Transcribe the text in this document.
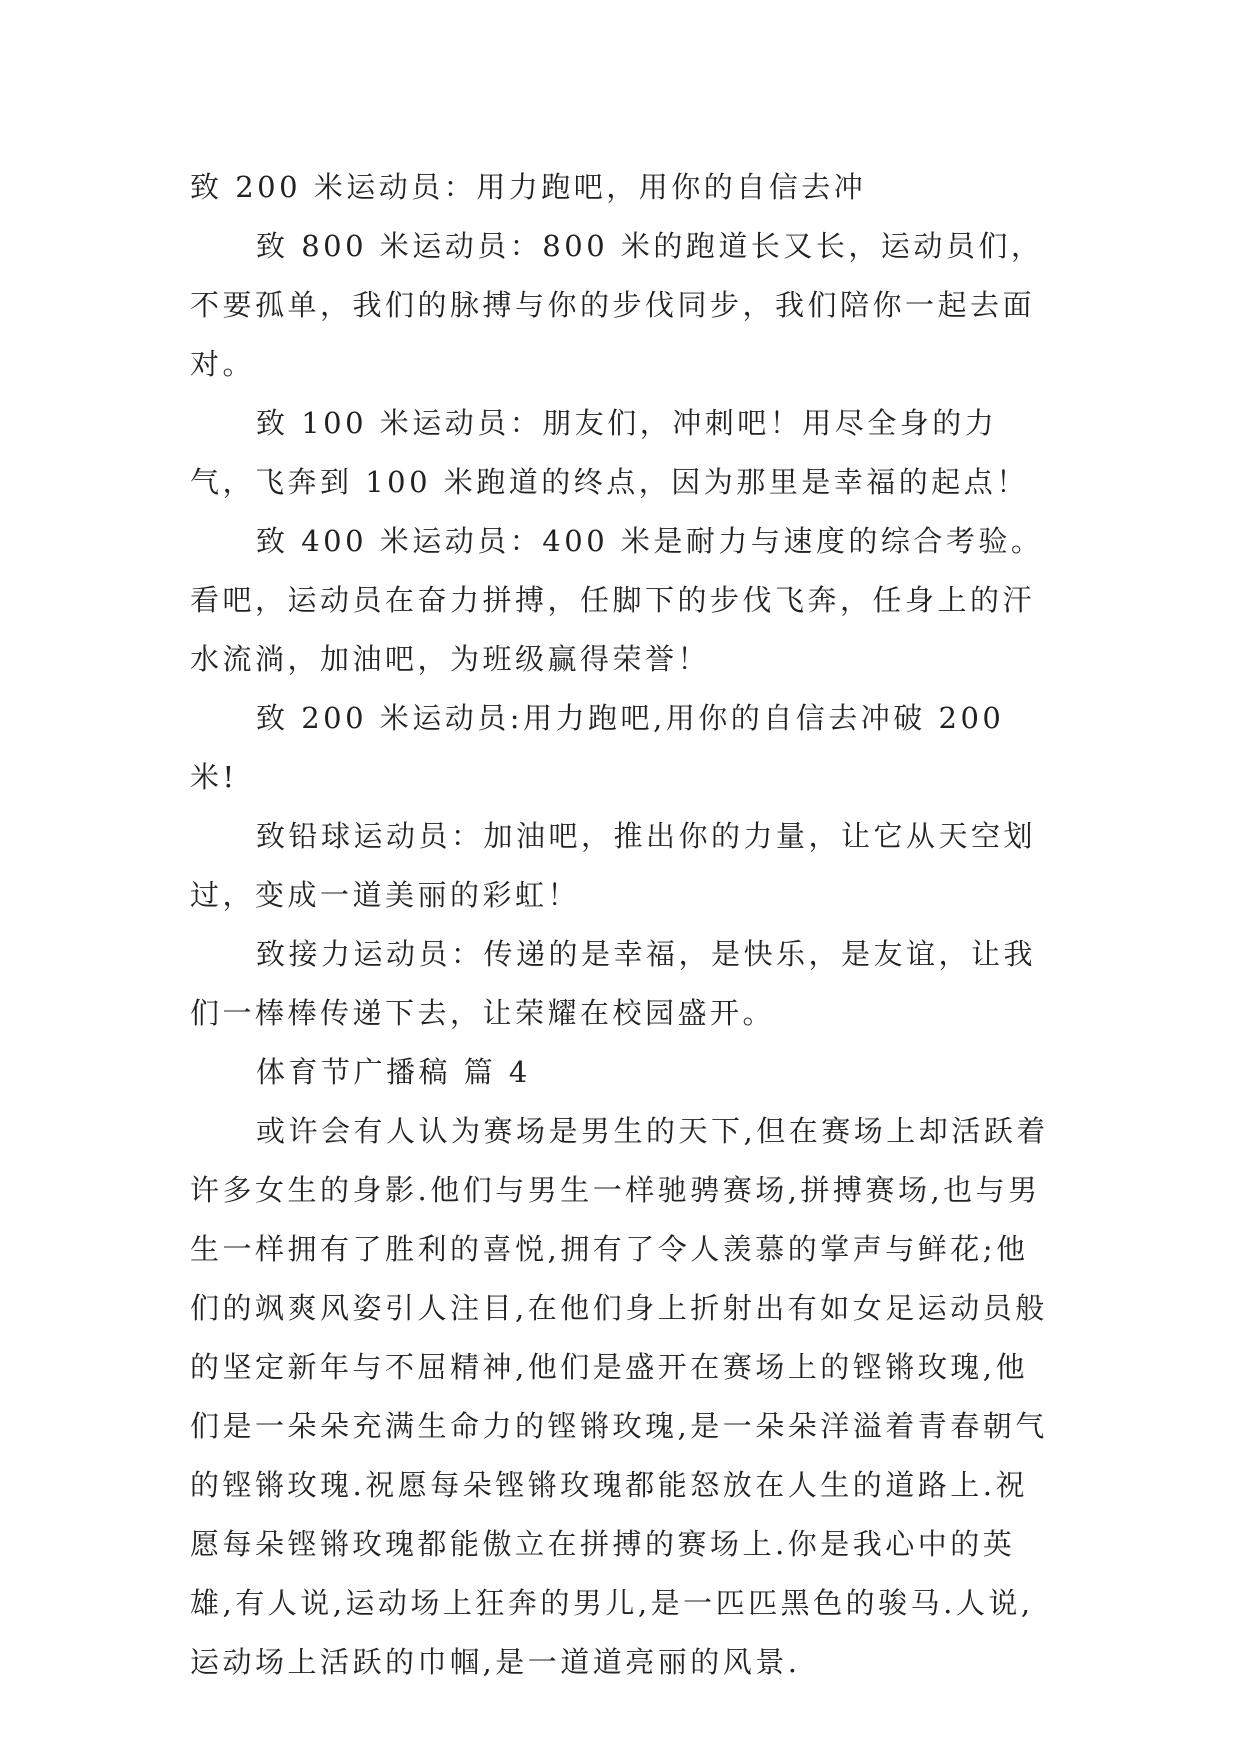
致 200 米运动员：用力跑吧，用你的自信去冲

致 800 米运动员：800 米的跑道长又长，运动员们，不要孤单，我们的脉搏与你的步伐同步，我们陪你一起去面对。

致 100 米运动员：朋友们，冲刺吧！用尽全身的力气，飞奔到 100 米跑道的终点，因为那里是幸福的起点！

致 400 米运动员：400 米是耐力与速度的综合考验。看吧，运动员在奋力拼搏，任脚下的步伐飞奔，任身上的汗水流淌，加油吧，为班级赢得荣誉！

致 200 米运动员:用力跑吧,用你的自信去冲破 200 米!

致铅球运动员：加油吧，推出你的力量，让它从天空划过，变成一道美丽的彩虹！

致接力运动员：传递的是幸福，是快乐，是友谊，让我们一棒棒传递下去，让荣耀在校园盛开。

体育节广播稿 篇 4

或许会有人认为赛场是男生的天下,但在赛场上却活跃着许多女生的身影.他们与男生一样驰骋赛场,拼搏赛场,也与男生一样拥有了胜利的喜悦,拥有了令人羡慕的掌声与鲜花;他们的飒爽风姿引人注目,在他们身上折射出有如女足运动员般的坚定新年与不屈精神,他们是盛开在赛场上的铿锵玫瑰,他们是一朵朵充满生命力的铿锵玫瑰,是一朵朵洋溢着青春朝气的铿锵玫瑰.祝愿每朵铿锵玫瑰都能怒放在人生的道路上.祝愿每朵铿锵玫瑰都能傲立在拼搏的赛场上.你是我心中的英雄,有人说,运动场上狂奔的男儿,是一匹匹黑色的骏马.人说,运动场上活跃的巾帼,是一道道亮丽的风景.
